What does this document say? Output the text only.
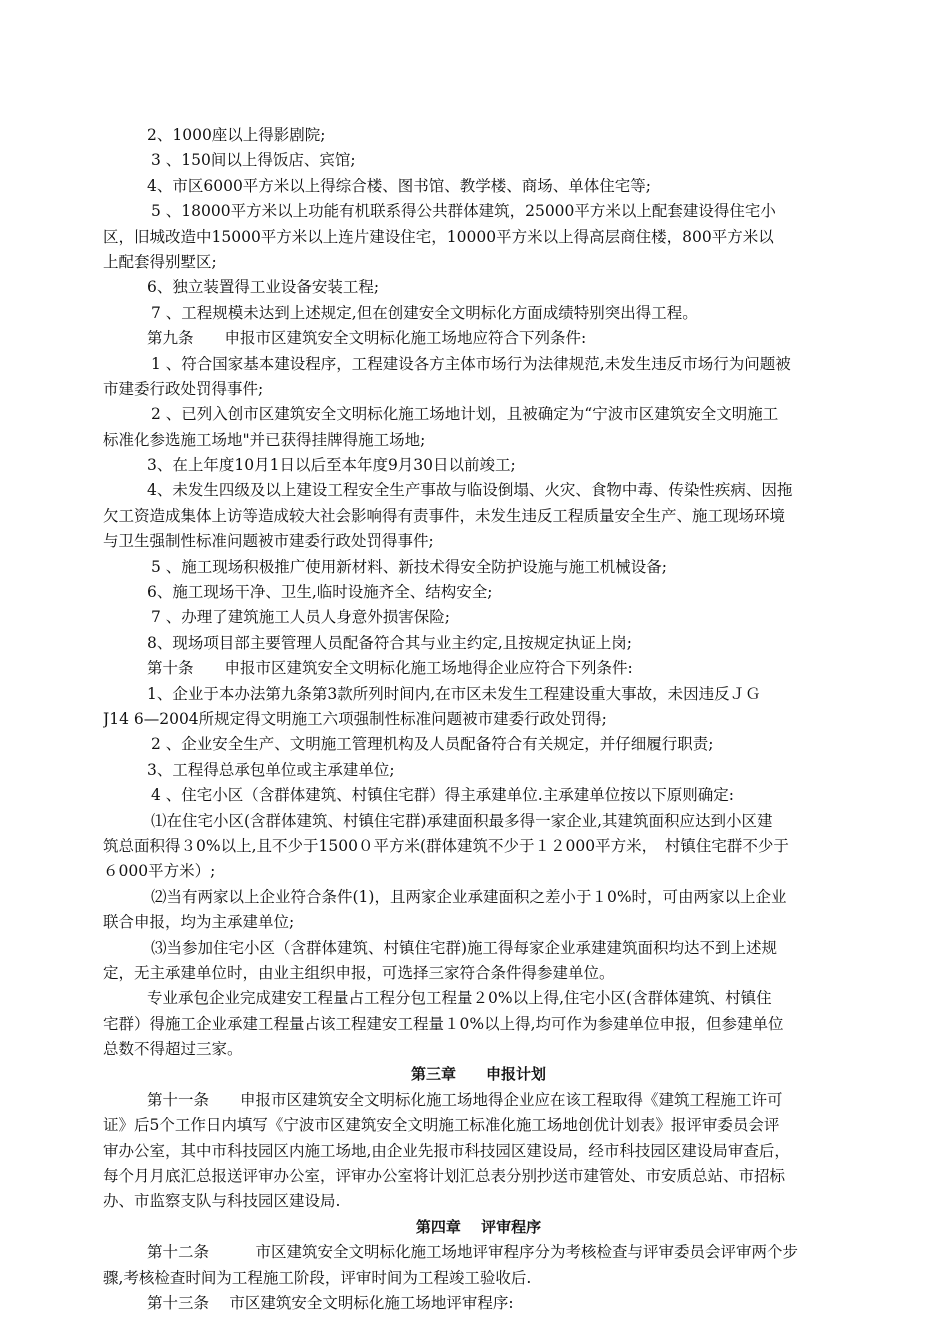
2、1000座以上得影剧院;
3 、150间以上得饭店、宾馆;
4、市区6000平方米以上得综合楼、图书馆、教学楼、商场、单体住宅等;
5 、18000平方米以上功能有机联系得公共群体建筑，25000平方米以上配套建设得住宅小
区，旧城改造中15000平方米以上连片建设住宅，10000平方米以上得高层商住楼，800平方米以
上配套得别墅区;
6、独立装置得工业设备安装工程;
7 、工程规模未达到上述规定,但在创建安全文明标化方面成绩特别突出得工程。
第九条　　申报市区建筑安全文明标化施工场地应符合下列条件:
1 、符合国家基本建设程序，工程建设各方主体市场行为法律规范,未发生违反市场行为问题被
市建委行政处罚得事件;
2 、已列入创市区建筑安全文明标化施工场地计划，且被确定为“宁波市区建筑安全文明施工
标准化参选施工场地"并已获得挂牌得施工场地;
3、在上年度10月1日以后至本年度9月30日以前竣工;
4、未发生四级及以上建设工程安全生产事故与临设倒塌、火灾、食物中毒、传染性疾病、因拖
欠工资造成集体上访等造成较大社会影响得有责事件，未发生违反工程质量安全生产、施工现场环境
与卫生强制性标准问题被市建委行政处罚得事件;
5 、施工现场积极推广使用新材料、新技术得安全防护设施与施工机械设备;
6、施工现场干净、卫生,临时设施齐全、结构安全;
7 、办理了建筑施工人员人身意外损害保险;
8、现场项目部主要管理人员配备符合其与业主约定,且按规定执证上岗;
第十条　　申报市区建筑安全文明标化施工场地得企业应符合下列条件:
1、企业于本办法第九条第3款所列时间内,在市区未发生工程建设重大事故，未因违反ＪＧ
J14 6—2004所规定得文明施工六项强制性标准问题被市建委行政处罚得;
2 、企业安全生产、文明施工管理机构及人员配备符合有关规定，并仔细履行职责;
3、工程得总承包单位或主承建单位;
4 、住宅小区（含群体建筑、村镇住宅群）得主承建单位.主承建单位按以下原则确定:
⑴在住宅小区(含群体建筑、村镇住宅群)承建面积最多得一家企业,其建筑面积应达到小区建
筑总面积得３0%以上,且不少于1500０平方米(群体建筑不少于１２000平方米，　村镇住宅群不少于
６000平方米）;
⑵当有两家以上企业符合条件(1)，且两家企业承建面积之差小于１0%时，可由两家以上企业
联合申报，均为主承建单位;
⑶当参加住宅小区（含群体建筑、村镇住宅群)施工得每家企业承建建筑面积均达不到上述规
定，无主承建单位时，由业主组织申报，可选择三家符合条件得参建单位。
专业承包企业完成建安工程量占工程分包工程量２0%以上得,住宅小区(含群体建筑、村镇住
宅群）得施工企业承建工程量占该工程建安工程量１0%以上得,均可作为参建单位申报，但参建单位
总数不得超过三家。
第三章　　申报计划
第十一条　　申报市区建筑安全文明标化施工场地得企业应在该工程取得《建筑工程施工许可
证》后5个工作日内填写《宁波市区建筑安全文明施工标准化施工场地创优计划表》报评审委员会评
审办公室，其中市科技园区内施工场地,由企业先报市科技园区建设局，经市科技园区建设局审查后，
每个月月底汇总报送评审办公室，评审办公室将计划汇总表分别抄送市建管处、市安质总站、市招标
办、市监察支队与科技园区建设局.
第四章　 评审程序
第十二条　　　市区建筑安全文明标化施工场地评审程序分为考核检查与评审委员会评审两个步
骤,考核检查时间为工程施工阶段，评审时间为工程竣工验收后.
第十三条　 市区建筑安全文明标化施工场地评审程序:
